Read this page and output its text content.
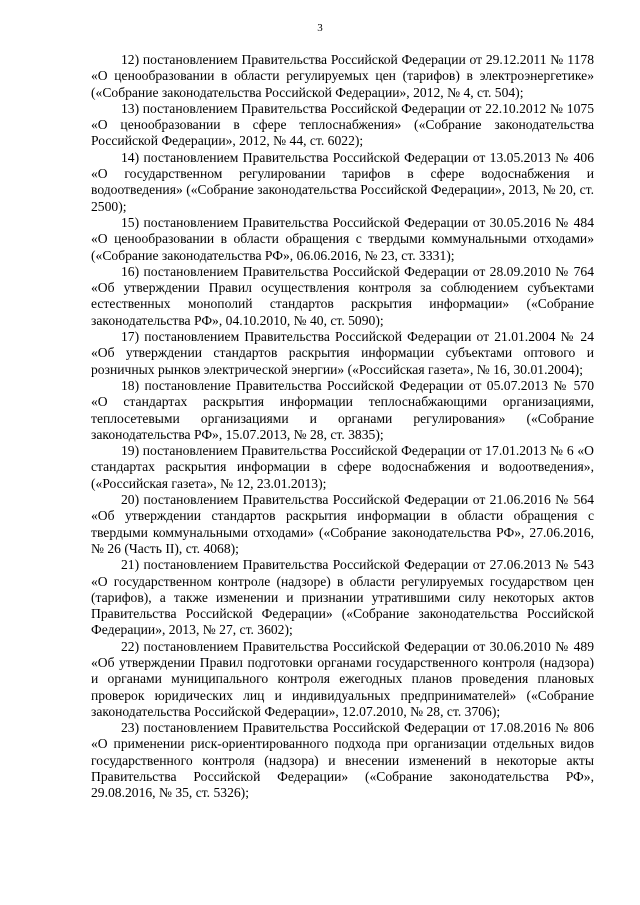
3

12) постановлением Правительства Российской Федерации от 29.12.2011 № 1178 «О ценообразовании в области регулируемых цен (тарифов) в электроэнергетике» («Собрание законодательства Российской Федерации», 2012, № 4, ст. 504);

13) постановлением Правительства Российской Федерации от 22.10.2012 № 1075 «О ценообразовании в сфере теплоснабжения» («Собрание законодательства Российской Федерации», 2012, № 44, ст. 6022);

14) постановлением Правительства Российской Федерации от 13.05.2013 № 406 «О государственном регулировании тарифов в сфере водоснабжения и водоотведения» («Собрание законодательства Российской Федерации», 2013, № 20, ст. 2500);

15) постановлением Правительства Российской Федерации от 30.05.2016 № 484 «О ценообразовании в области обращения с твердыми коммунальными отходами» («Собрание законодательства РФ», 06.06.2016, № 23, ст. 3331);

16) постановлением Правительства Российской Федерации от 28.09.2010 № 764 «Об утверждении Правил осуществления контроля за соблюдением субъектами естественных монополий стандартов раскрытия информации» («Собрание законодательства РФ», 04.10.2010, № 40, ст. 5090);

17) постановлением Правительства Российской Федерации от 21.01.2004 № 24 «Об утверждении стандартов раскрытия информации субъектами оптового и розничных рынков электрической энергии» («Российская газета», № 16, 30.01.2004);

18) постановление Правительства Российской Федерации от 05.07.2013 № 570 «О стандартах раскрытия информации теплоснабжающими организациями, теплосетевыми организациями и органами регулирования» («Собрание законодательства РФ», 15.07.2013, № 28, ст. 3835);

19) постановлением Правительства Российской Федерации от 17.01.2013 № 6 «О стандартах раскрытия информации в сфере водоснабжения и водоотведения», («Российская газета», № 12, 23.01.2013);

20) постановлением Правительства Российской Федерации от 21.06.2016 № 564 «Об утверждении стандартов раскрытия информации в области обращения с твердыми коммунальными отходами» («Собрание законодательства РФ», 27.06.2016, № 26 (Часть II), ст. 4068);

21) постановлением Правительства Российской Федерации от 27.06.2013 № 543 «О государственном контроле (надзоре) в области регулируемых государством цен (тарифов), а также изменении и признании утратившими силу некоторых актов Правительства Российской Федерации» («Собрание законодательства Российской Федерации», 2013, № 27, ст. 3602);

22) постановлением Правительства Российской Федерации от 30.06.2010 № 489 «Об утверждении Правил подготовки органами государственного контроля (надзора) и органами муниципального контроля ежегодных планов проведения плановых проверок юридических лиц и индивидуальных предпринимателей» («Собрание законодательства Российской Федерации», 12.07.2010, № 28, ст. 3706);

23) постановлением Правительства Российской Федерации от 17.08.2016 № 806 «О применении риск-ориентированного подхода при организации отдельных видов государственного контроля (надзора) и внесении изменений в некоторые акты Правительства Российской Федерации» («Собрание законодательства РФ», 29.08.2016, № 35, ст. 5326);
